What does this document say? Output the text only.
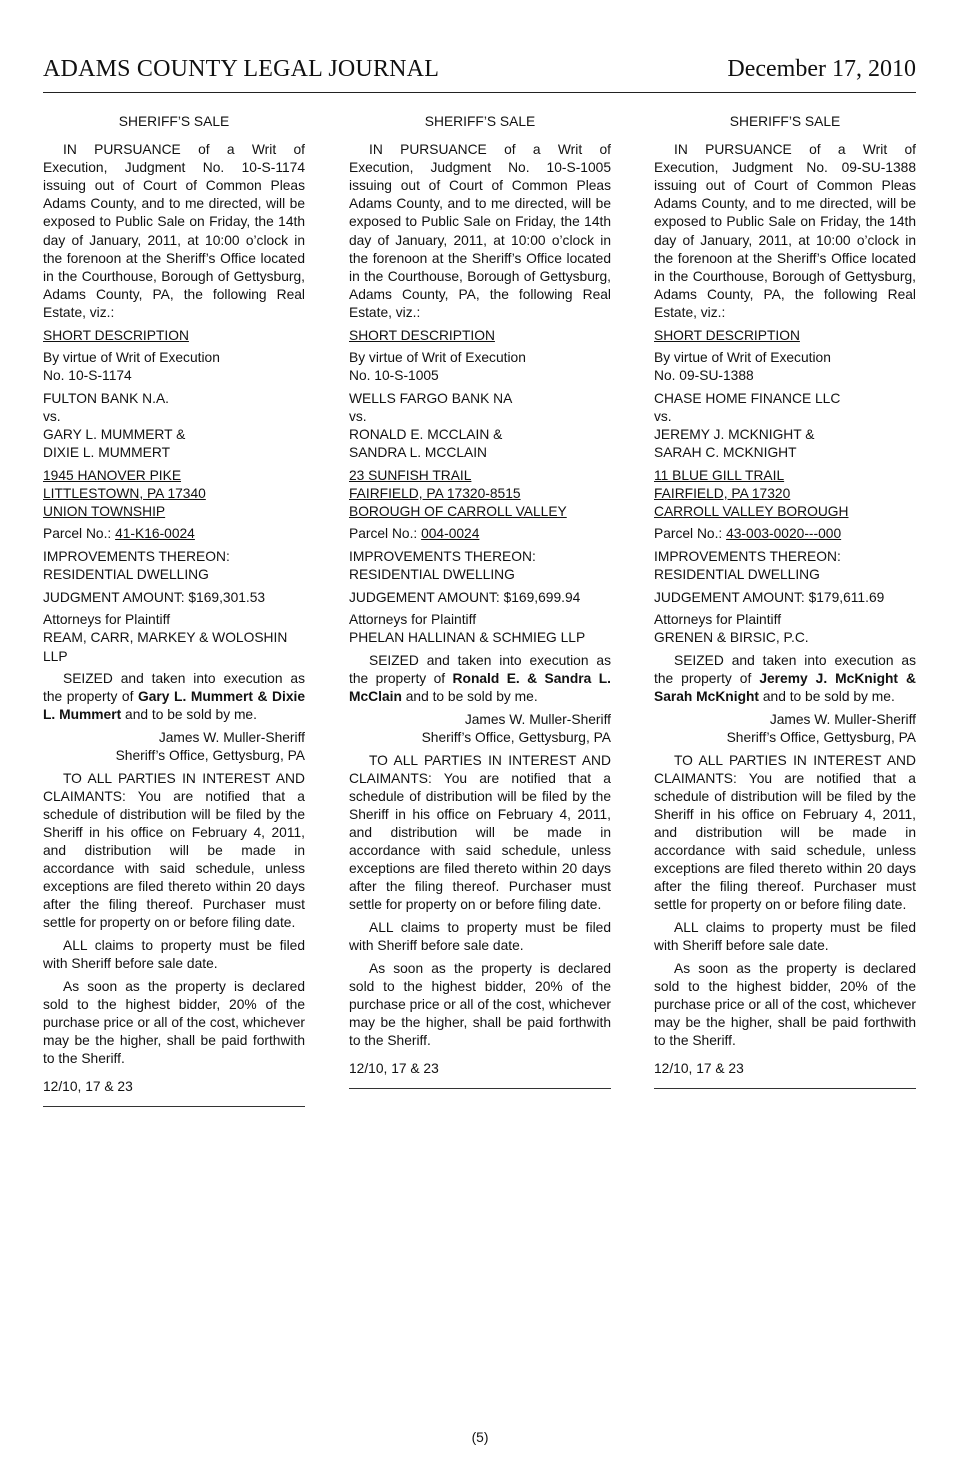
ADAMS COUNTY LEGAL JOURNAL	December 17, 2010

SHERIFF’S SALE

IN PURSUANCE of a Writ of Execution, Judgment No. 10-S-1174 issuing out of Court of Common Pleas Adams County, and to me directed, will be exposed to Public Sale on Friday, the 14th day of January, 2011, at 10:00 o’clock in the forenoon at the Sheriff’s Office located in the Courthouse, Borough of Gettysburg, Adams County, PA, the following Real Estate, viz.:

SHORT DESCRIPTION

By virtue of Writ of Execution
No. 10-S-1174

FULTON BANK N.A.
vs.
GARY L. MUMMERT &
DIXIE L. MUMMERT

1945 HANOVER PIKE
LITTLESTOWN, PA 17340
UNION TOWNSHIP

Parcel No.: 41-K16-0024

IMPROVEMENTS THEREON:
RESIDENTIAL DWELLING

JUDGMENT AMOUNT: $169,301.53

Attorneys for Plaintiff
REAM, CARR, MARKEY & WOLOSHIN LLP

SEIZED and taken into execution as the property of Gary L. Mummert & Dixie L. Mummert and to be sold by me.

James W. Muller-Sheriff
Sheriff’s Office, Gettysburg, PA

TO ALL PARTIES IN INTEREST AND CLAIMANTS: You are notified that a schedule of distribution will be filed by the Sheriff in his office on February 4, 2011, and distribution will be made in accordance with said schedule, unless exceptions are filed thereto within 20 days after the filing thereof. Purchaser must settle for property on or before filing date.

ALL claims to property must be filed with Sheriff before sale date.

As soon as the property is declared sold to the highest bidder, 20% of the purchase price or all of the cost, whichever may be the higher, shall be paid forthwith to the Sheriff.

12/10, 17 & 23

SHERIFF’S SALE

IN PURSUANCE of a Writ of Execution, Judgment No. 10-S-1005 issuing out of Court of Common Pleas Adams County, and to me directed, will be exposed to Public Sale on Friday, the 14th day of January, 2011, at 10:00 o’clock in the forenoon at the Sheriff’s Office located in the Courthouse, Borough of Gettysburg, Adams County, PA, the following Real Estate, viz.:

SHORT DESCRIPTION

By virtue of Writ of Execution
No. 10-S-1005

WELLS FARGO BANK NA
vs.
RONALD E. MCCLAIN &
SANDRA L. MCCLAIN

23 SUNFISH TRAIL
FAIRFIELD, PA 17320-8515
BOROUGH OF CARROLL VALLEY

Parcel No.: 004-0024

IMPROVEMENTS THEREON:
RESIDENTIAL DWELLING

JUDGEMENT AMOUNT: $169,699.94

Attorneys for Plaintiff
PHELAN HALLINAN & SCHMIEG LLP

SEIZED and taken into execution as the property of Ronald E. & Sandra L. McClain and to be sold by me.

James W. Muller-Sheriff
Sheriff’s Office, Gettysburg, PA

TO ALL PARTIES IN INTEREST AND CLAIMANTS: You are notified that a schedule of distribution will be filed by the Sheriff in his office on February 4, 2011, and distribution will be made in accordance with said schedule, unless exceptions are filed thereto within 20 days after the filing thereof. Purchaser must settle for property on or before filing date.

ALL claims to property must be filed with Sheriff before sale date.

As soon as the property is declared sold to the highest bidder, 20% of the purchase price or all of the cost, whichever may be the higher, shall be paid forthwith to the Sheriff.

12/10, 17 & 23

SHERIFF’S SALE

IN PURSUANCE of a Writ of Execution, Judgment No. 09-SU-1388 issuing out of Court of Common Pleas Adams County, and to me directed, will be exposed to Public Sale on Friday, the 14th day of January, 2011, at 10:00 o’clock in the forenoon at the Sheriff’s Office located in the Courthouse, Borough of Gettysburg, Adams County, PA, the following Real Estate, viz.:

SHORT DESCRIPTION

By virtue of Writ of Execution
No. 09-SU-1388

CHASE HOME FINANCE LLC
vs.
JEREMY J. MCKNIGHT &
SARAH C. MCKNIGHT

11 BLUE GILL TRAIL
FAIRFIELD, PA 17320
CARROLL VALLEY BOROUGH

Parcel No.: 43-003-0020---000

IMPROVEMENTS THEREON:
RESIDENTIAL DWELLING

JUDGEMENT AMOUNT: $179,611.69

Attorneys for Plaintiff
GRENEN & BIRSIC, P.C.

SEIZED and taken into execution as the property of Jeremy J. McKnight & Sarah McKnight and to be sold by me.

James W. Muller-Sheriff
Sheriff’s Office, Gettysburg, PA

TO ALL PARTIES IN INTEREST AND CLAIMANTS: You are notified that a schedule of distribution will be filed by the Sheriff in his office on February 4, 2011, and distribution will be made in accordance with said schedule, unless exceptions are filed thereto within 20 days after the filing thereof. Purchaser must settle for property on or before filing date.

ALL claims to property must be filed with Sheriff before sale date.

As soon as the property is declared sold to the highest bidder, 20% of the purchase price or all of the cost, whichever may be the higher, shall be paid forthwith to the Sheriff.

12/10, 17 & 23

(5)
